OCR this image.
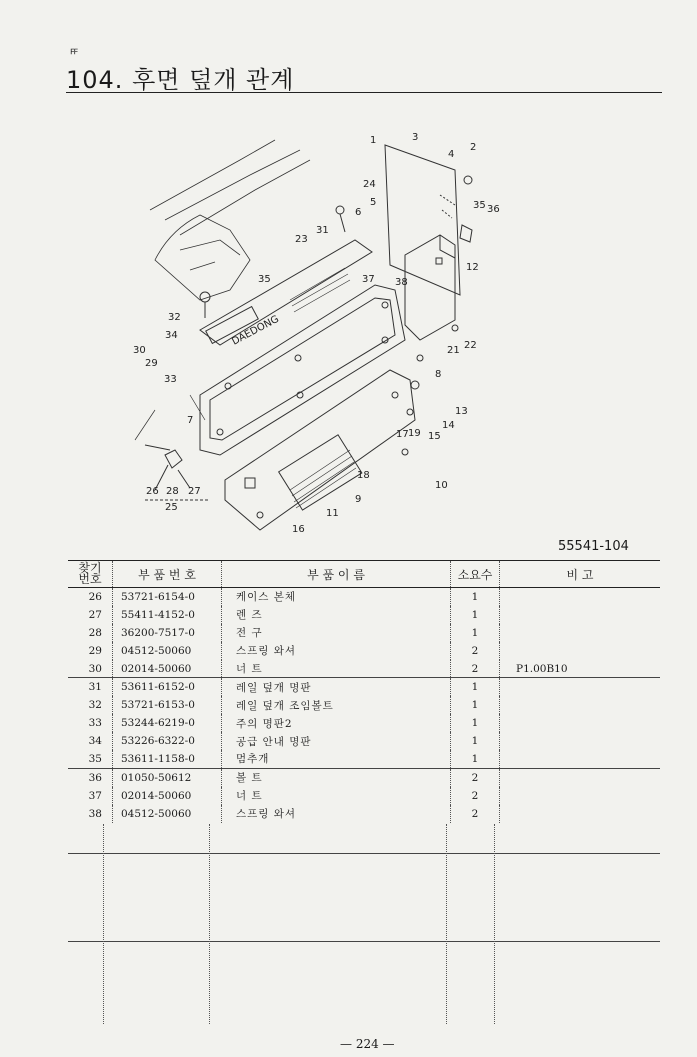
ꟳꟳ
104. 후면 덮개 관계
DAEDONG
1
2
3
4
5
6
7
8
9
10
11
12
13
14
15
16
17
18
19
21 22
23
24
25
26	27
28
29
30
31
32
33
34
35
35 36
37 38
55541-104
찾기
번호	부 품 번 호	부 품 이 름	소요수	비 고
26	53721-6154-0	케이스 본체	1	
27	55411-4152-0	렌 즈	1	
28	36200-7517-0	전 구	1	
29	04512-50060	스프링 와셔	2	
30	02014-50060	너 트	2	P1.00B10
31	53611-6152-0	레일 덮개 명판	1	
32	53721-6153-0	레일 덮개 조임볼트	1	
33	53244-6219-0	주의 명판2	1	
34	53226-6322-0	공급 안내 명판	1	
35	53611-1158-0	멈추개	1	
36	01050-50612	볼 트	2	
37	02014-50060	너 트	2	
38	04512-50060	스프링 와셔	2	
— 224 —
